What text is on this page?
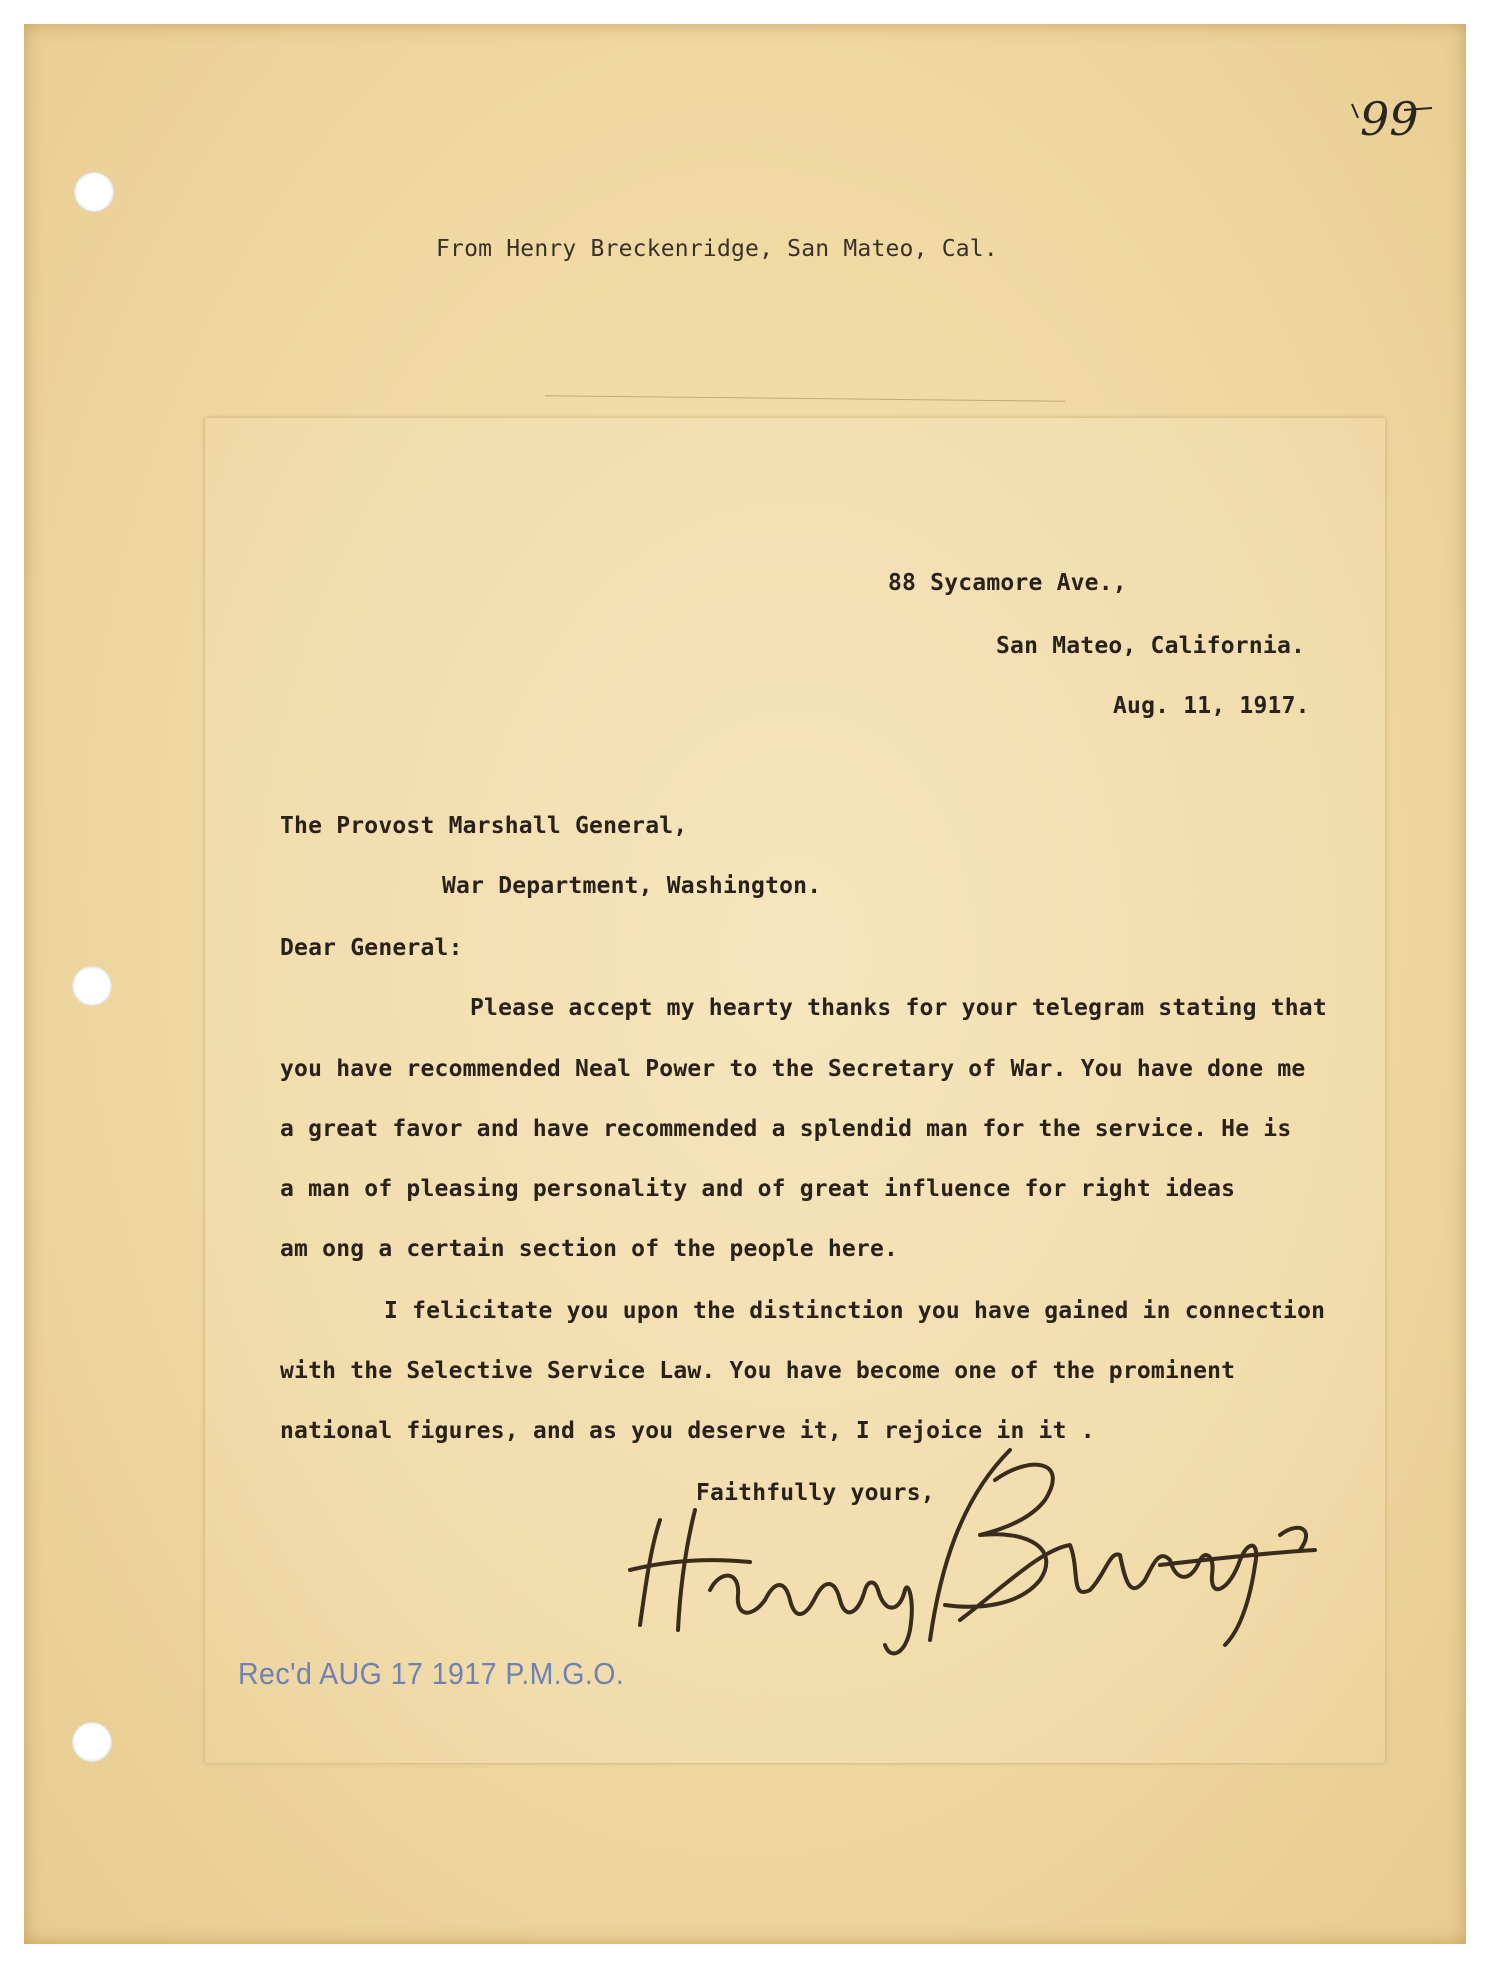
99

From Henry Breckenridge, San Mateo, Cal.

88 Sycamore Ave.,

San Mateo, California.

Aug. 11, 1917.

The Provost Marshall General,

War Department, Washington.

Dear General:

Please accept my hearty thanks for your telegram stating that

you have recommended Neal Power to the Secretary of War. You have done me

a great favor and have recommended a splendid man for the service. He is

a man of pleasing personality and of great influence for right ideas

am ong a certain section of the people here.

I felicitate you upon the distinction you have gained in connection

with the Selective Service Law. You have become one of the prominent

national figures, and as you deserve it, I rejoice in it .

Faithfully yours,

Rec'd AUG 17 1917 P.M.G.O.
